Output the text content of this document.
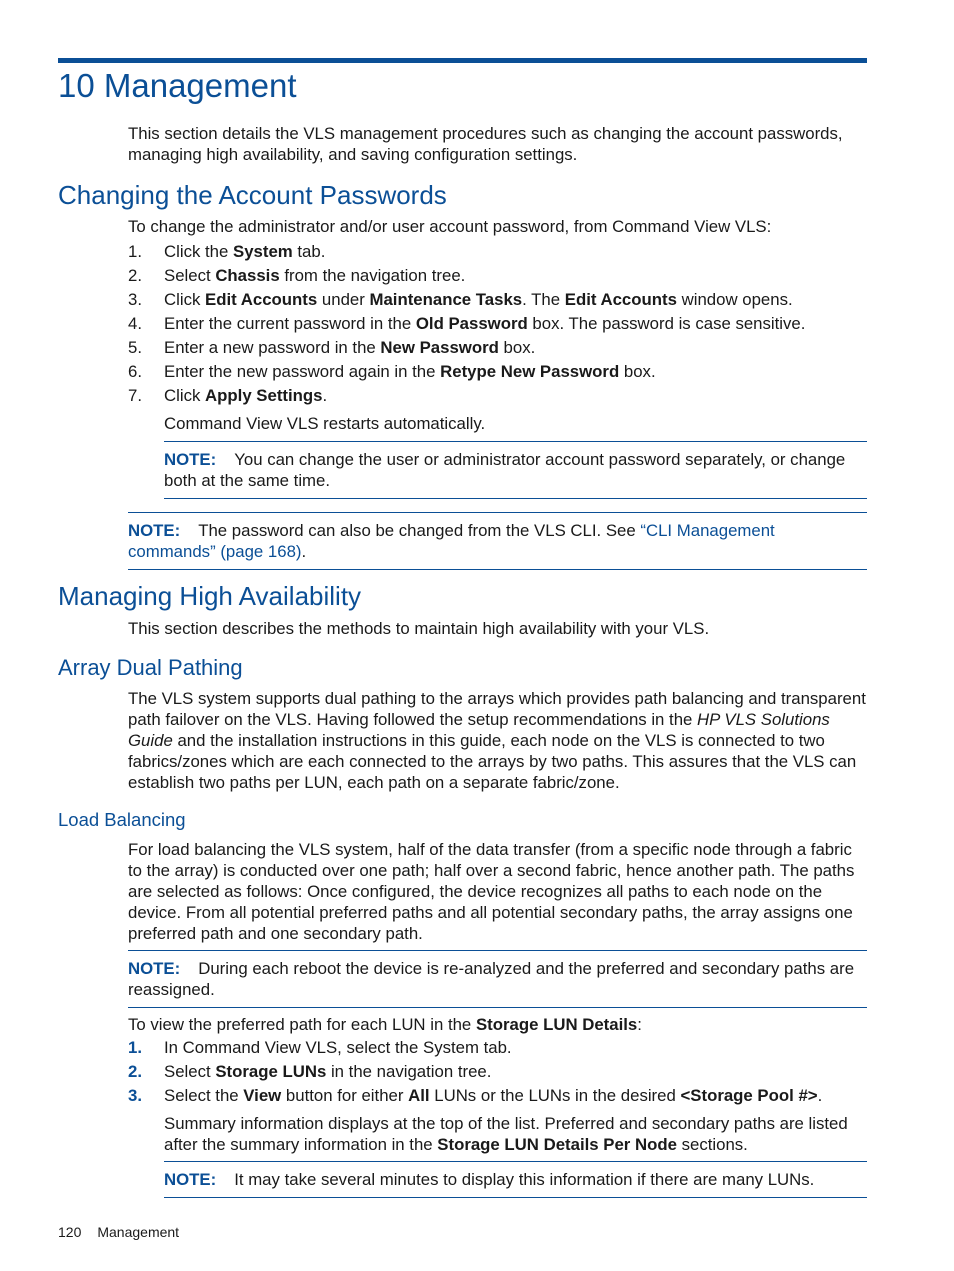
10 Management
This section details the VLS management procedures such as changing the account passwords, managing high availability, and saving configuration settings.
Changing the Account Passwords
To change the administrator and/or user account password, from Command View VLS:
1. Click the System tab.
2. Select Chassis from the navigation tree.
3. Click Edit Accounts under Maintenance Tasks. The Edit Accounts window opens.
4. Enter the current password in the Old Password box. The password is case sensitive.
5. Enter a new password in the New Password box.
6. Enter the new password again in the Retype New Password box.
7. Click Apply Settings.
Command View VLS restarts automatically.
NOTE: You can change the user or administrator account password separately, or change both at the same time.
NOTE: The password can also be changed from the VLS CLI. See “CLI Management commands” (page 168).
Managing High Availability
This section describes the methods to maintain high availability with your VLS.
Array Dual Pathing
The VLS system supports dual pathing to the arrays which provides path balancing and transparent path failover on the VLS. Having followed the setup recommendations in the HP VLS Solutions Guide and the installation instructions in this guide, each node on the VLS is connected to two fabrics/zones which are each connected to the arrays by two paths. This assures that the VLS can establish two paths per LUN, each path on a separate fabric/zone.
Load Balancing
For load balancing the VLS system, half of the data transfer (from a specific node through a fabric to the array) is conducted over one path; half over a second fabric, hence another path. The paths are selected as follows: Once configured, the device recognizes all paths to each node on the device. From all potential preferred paths and all potential secondary paths, the array assigns one preferred path and one secondary path.
NOTE: During each reboot the device is re-analyzed and the preferred and secondary paths are reassigned.
To view the preferred path for each LUN in the Storage LUN Details:
1. In Command View VLS, select the System tab.
2. Select Storage LUNs in the navigation tree.
3. Select the View button for either All LUNs or the LUNs in the desired <Storage Pool #>.
Summary information displays at the top of the list. Preferred and secondary paths are listed after the summary information in the Storage LUN Details Per Node sections.
NOTE: It may take several minutes to display this information if there are many LUNs.
120 Management
